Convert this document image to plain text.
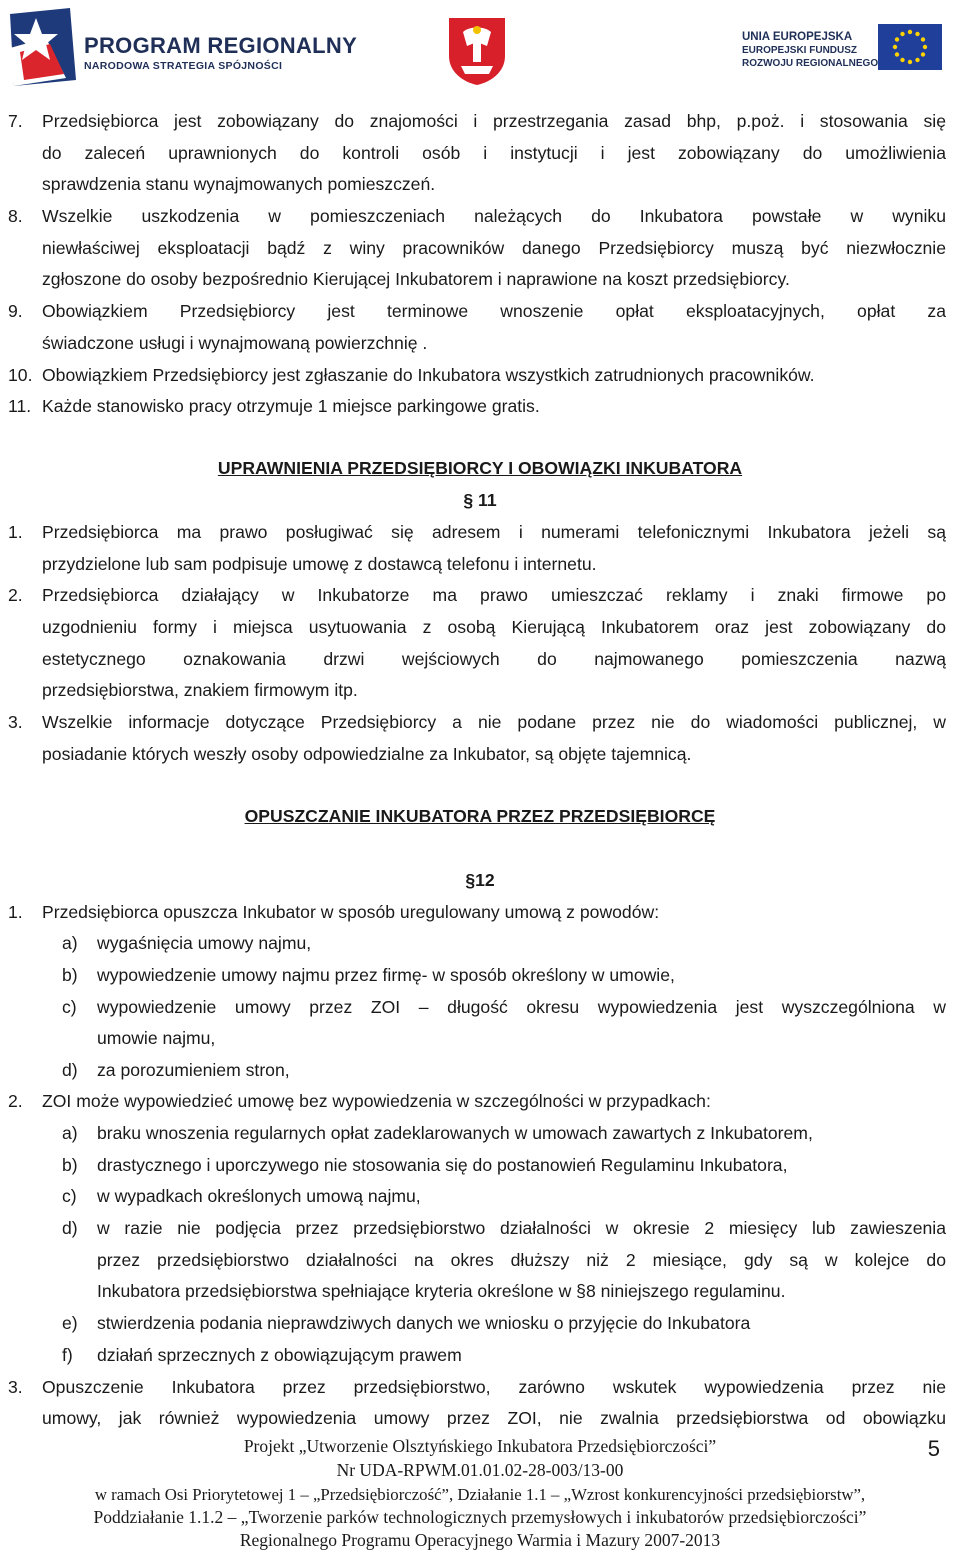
PROGRAM REGIONALNY
NARODOWA STRATEGIA SPÓJNOŚCI
UNIA EUROPEJSKA
EUROPEJSKI FUNDUSZ
ROZWOJU REGIONALNEGO
7. Przedsiębiorca jest zobowiązany do znajomości i przestrzegania zasad bhp, p.poż. i stosowania się
do zaleceń uprawnionych do kontroli osób i instytucji i jest zobowiązany do umożliwienia
sprawdzenia stanu wynajmowanych pomieszczeń.
8. Wszelkie uszkodzenia w pomieszczeniach należących do Inkubatora powstałe w wyniku
niewłaściwej eksploatacji bądź z winy pracowników danego Przedsiębiorcy muszą być niezwłocznie
zgłoszone do osoby bezpośrednio Kierującej Inkubatorem i naprawione na koszt przedsiębiorcy.
9. Obowiązkiem Przedsiębiorcy jest terminowe wnoszenie opłat eksploatacyjnych, opłat za
świadczone usługi i wynajmowaną powierzchnię .
10. Obowiązkiem Przedsiębiorcy jest zgłaszanie do Inkubatora wszystkich zatrudnionych pracowników.
11. Każde stanowisko pracy otrzymuje 1 miejsce parkingowe gratis.
UPRAWNIENIA PRZEDSIĘBIORCY I OBOWIĄZKI INKUBATORA
§ 11
1. Przedsiębiorca ma prawo posługiwać się adresem i numerami telefonicznymi Inkubatora jeżeli są
przydzielone lub sam podpisuje umowę z dostawcą telefonu i internetu.
2. Przedsiębiorca działający w Inkubatorze ma prawo umieszczać reklamy i znaki firmowe po
uzgodnieniu formy i miejsca usytuowania z osobą Kierującą Inkubatorem oraz jest zobowiązany do
estetycznego oznakowania drzwi wejściowych do najmowanego pomieszczenia nazwą
przedsiębiorstwa, znakiem firmowym itp.
3. Wszelkie informacje dotyczące Przedsiębiorcy a nie podane przez nie do wiadomości publicznej, w
posiadanie których weszły osoby odpowiedzialne za Inkubator, są objęte tajemnicą.
OPUSZCZANIE INKUBATORA PRZEZ PRZEDSIĘBIORCĘ
§12
1. Przedsiębiorca opuszcza Inkubator w sposób uregulowany umową z powodów:
a) wygaśnięcia umowy najmu,
b) wypowiedzenie umowy najmu przez firmę- w sposób określony w umowie,
c) wypowiedzenie umowy przez ZOI – długość okresu wypowiedzenia jest wyszczególniona w
umowie najmu,
d) za porozumieniem stron,
2. ZOI może wypowiedzieć umowę bez wypowiedzenia w szczególności w przypadkach:
a) braku wnoszenia regularnych opłat zadeklarowanych w umowach zawartych z Inkubatorem,
b) drastycznego i uporczywego nie stosowania się do postanowień Regulaminu Inkubatora,
c) w wypadkach określonych umową najmu,
d) w razie nie podjęcia przez przedsiębiorstwo działalności w okresie 2 miesięcy lub zawieszenia
przez przedsiębiorstwo działalności na okres dłuższy niż 2 miesiące, gdy są w kolejce do
Inkubatora przedsiębiorstwa spełniające kryteria określone w §8 niniejszego regulaminu.
e) stwierdzenia podania nieprawdziwych danych we wniosku o przyjęcie do Inkubatora
f) działań sprzecznych z obowiązującym prawem
3. Opuszczenie Inkubatora przez przedsiębiorstwo, zarówno wskutek wypowiedzenia przez nie
umowy, jak również wypowiedzenia umowy przez ZOI, nie zwalnia przedsiębiorstwa od obowiązku
Projekt „Utworzenie Olsztyńskiego Inkubatora Przedsiębiorczości”
Nr UDA-RPWM.01.01.02-28-003/13-00
w ramach Osi Priorytetowej 1 – „Przedsiębiorczość”, Działanie 1.1 – „Wzrost konkurencyjności przedsiębiorstw”,
Poddziałanie 1.1.2 – „Tworzenie parków technologicznych przemysłowych i inkubatorów przedsiębiorczości”
Regionalnego Programu Operacyjnego Warmia i Mazury 2007-2013
5
